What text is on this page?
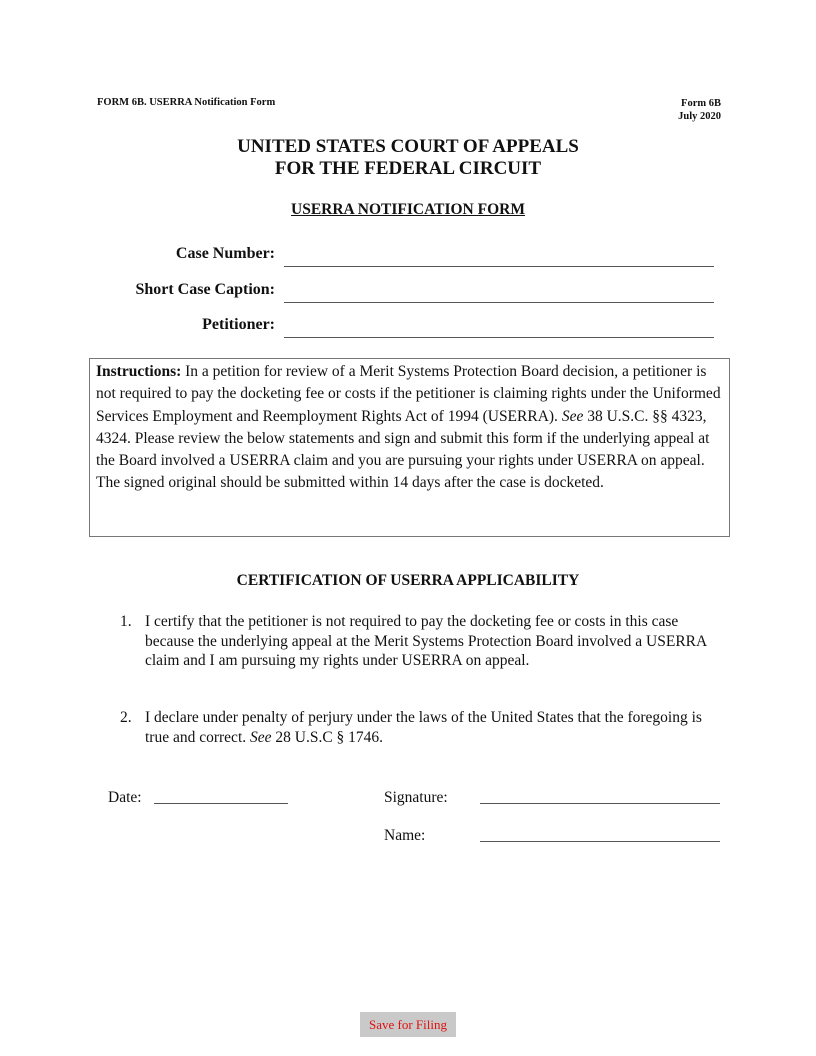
FORM 6B. USERRA Notification Form	Form 6B
July 2020
UNITED STATES COURT OF APPEALS
FOR THE FEDERAL CIRCUIT
USERRA NOTIFICATION FORM
Case Number:
Short Case Caption:
Petitioner:
Instructions: In a petition for review of a Merit Systems Protection Board decision, a petitioner is not required to pay the docketing fee or costs if the petitioner is claiming rights under the Uniformed Services Employment and Reemployment Rights Act of 1994 (USERRA). See 38 U.S.C. §§ 4323, 4324. Please review the below statements and sign and submit this form if the underlying appeal at the Board involved a USERRA claim and you are pursuing your rights under USERRA on appeal. The signed original should be submitted within 14 days after the case is docketed.
CERTIFICATION OF USERRA APPLICABILITY
1. I certify that the petitioner is not required to pay the docketing fee or costs in this case because the underlying appeal at the Merit Systems Protection Board involved a USERRA claim and I am pursuing my rights under USERRA on appeal.
2. I declare under penalty of perjury under the laws of the United States that the foregoing is true and correct. See 28 U.S.C § 1746.
Date:	Signature:
Name:
Save for Filing
